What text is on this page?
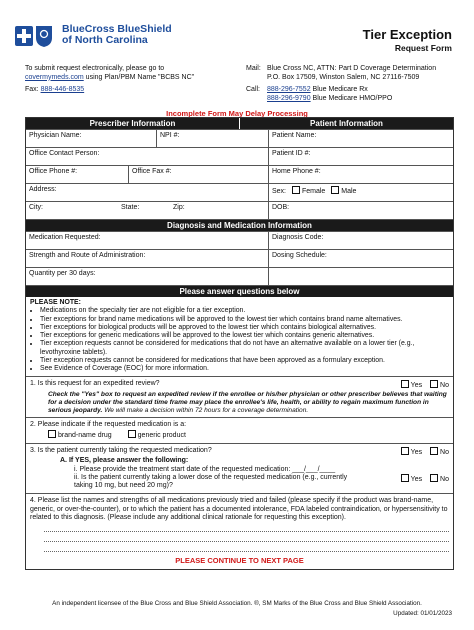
BlueCross BlueShield
of North Carolina	Tier Exception
Request Form
To submit request electronically, please go to
covermymeds.com using Plan/PBM Name "BCBS NC"
Fax: 888-446-8535
Mail: Blue Cross NC, ATTN: Part D Coverage Determination
P.O. Box 17509, Winston Salem, NC 27116-7509
Call: 888-296-7552 Blue Medicare Rx
888-296-9790 Blue Medicare HMO/PPO
Incomplete Form May Delay Processing
Prescriber Information	Patient Information
Physician Name:	NPI #:	Patient Name:
Office Contact Person:	Patient ID #:
Office Phone #:	Office Fax #:	Home Phone #:
Address:	Sex: Female Male
City:	State:	Zip:	DOB:
Diagnosis and Medication Information
Medication Requested:	Diagnosis Code:
Strength and Route of Administration:	Dosing Schedule:
Quantity per 30 days:
Please answer questions below
PLEASE NOTE:
• Medications on the specialty tier are not eligible for a tier exception.
• Tier exceptions for brand name medications will be approved to the lowest tier which contains brand name alternatives.
• Tier exceptions for biological products will be approved to the lowest tier which contains biological alternatives.
• Tier exceptions for generic medications will be approved to the lowest tier which contains generic alternatives.
• Tier exception requests cannot be considered for medications that do not have an alternative available on a lower tier (e.g., levothyroxine tablets).
• Tier exception requests cannot be considered for medications that have been approved as a formulary exception.
• See Evidence of Coverage (EOC) for more information.
1. Is this request for an expedited review?	Yes	No
Check the "Yes" box to request an expedited review if the enrollee or his/her physician or other prescriber believes that waiting for a decision under the standard time frame may place the enrollee's life, health, or ability to regain maximum function in serious jeopardy. We will make a decision within 72 hours for a coverage determination.
2. Please indicate if the requested medication is a:
brand-name drug	generic product
3. Is the patient currently taking the requested medication?	Yes	No
A. If YES, please answer the following:
i. Please provide the treatment start date of the requested medication: ___/___/____
ii. Is the patient currently taking a lower dose of the requested medication (e.g., currently taking 10 mg, but need 20 mg)?
Yes	No
4. Please list the names and strengths of all medications previously tried and failed (please specify if the product was brand-name, generic, or over-the-counter), or to which the patient has a documented intolerance, FDA labeled contraindication, or hypersensitivity to related to this diagnosis. (Please include any additional clinical rationale for requesting this exception).
PLEASE CONTINUE TO NEXT PAGE
An independent licensee of the Blue Cross and Blue Shield Association. ®, SM Marks of the Blue Cross and Blue Shield Association.
Updated: 01/01/2023
